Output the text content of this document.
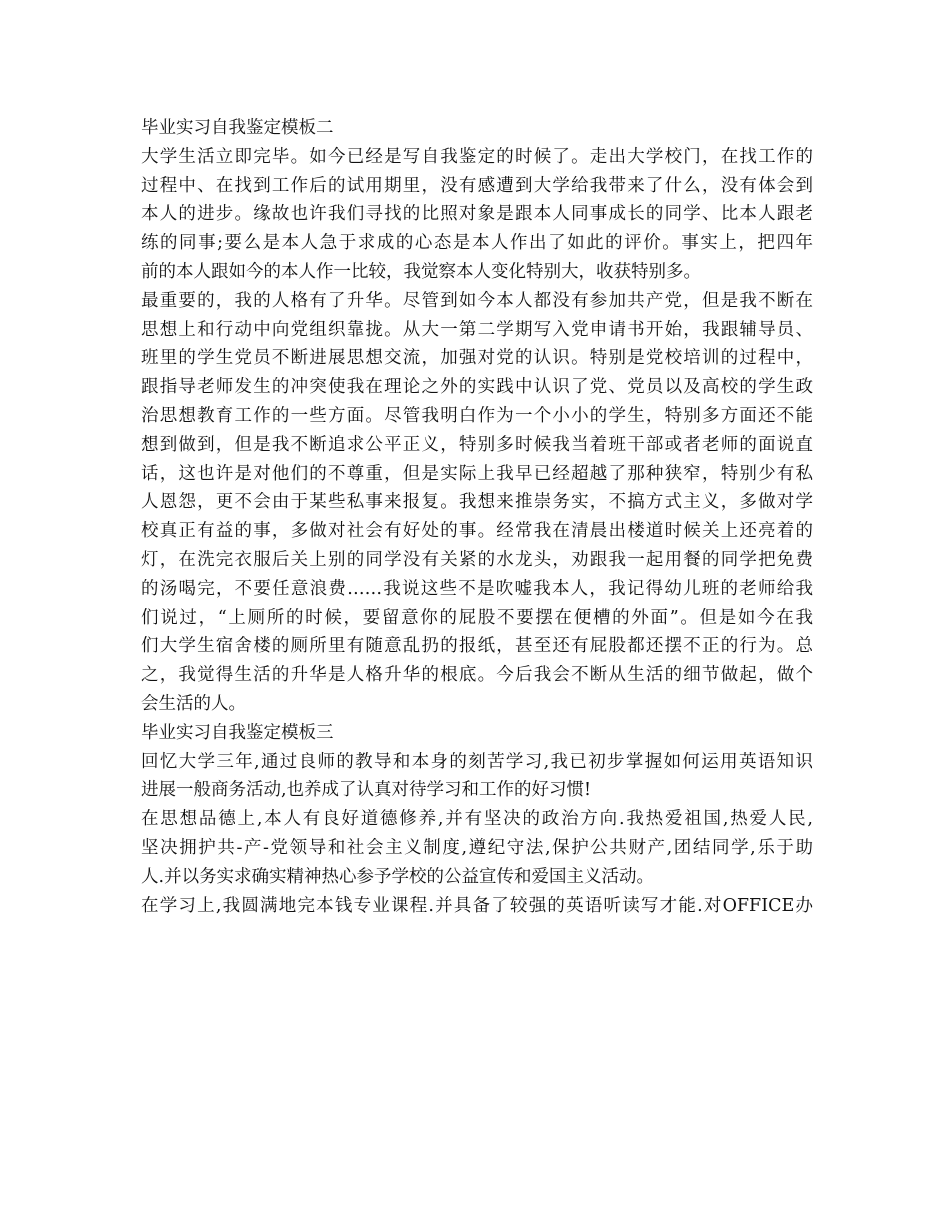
毕业实习自我鉴定模板二
大学生活立即完毕。如今已经是写自我鉴定的时候了。走出大学校门，在找工作的
过程中、在找到工作后的试用期里，没有感遭到大学给我带来了什么，没有体会到
本人的进步。缘故也许我们寻找的比照对象是跟本人同事成长的同学、比本人跟老
练的同事;要么是本人急于求成的心态是本人作出了如此的评价。事实上，把四年
前的本人跟如今的本人作一比较，我觉察本人变化特别大，收获特别多。
最重要的，我的人格有了升华。尽管到如今本人都没有参加共产党，但是我不断在
思想上和行动中向党组织靠拢。从大一第二学期写入党申请书开始，我跟辅导员、
班里的学生党员不断进展思想交流，加强对党的认识。特别是党校培训的过程中，
跟指导老师发生的冲突使我在理论之外的实践中认识了党、党员以及高校的学生政
治思想教育工作的一些方面。尽管我明白作为一个小小的学生，特别多方面还不能
想到做到，但是我不断追求公平正义，特别多时候我当着班干部或者老师的面说直
话，这也许是对他们的不尊重，但是实际上我早已经超越了那种狭窄，特别少有私
人恩怨，更不会由于某些私事来报复。我想来推崇务实，不搞方式主义，多做对学
校真正有益的事，多做对社会有好处的事。经常我在清晨出楼道时候关上还亮着的
灯，在洗完衣服后关上别的同学没有关紧的水龙头，劝跟我一起用餐的同学把免费
的汤喝完，不要任意浪费……我说这些不是吹嘘我本人，我记得幼儿班的老师给我
们说过，“上厕所的时候，要留意你的屁股不要摆在便槽的外面”。但是如今在我
们大学生宿舍楼的厕所里有随意乱扔的报纸，甚至还有屁股都还摆不正的行为。总
之，我觉得生活的升华是人格升华的根底。今后我会不断从生活的细节做起，做个
会生活的人。
毕业实习自我鉴定模板三
回忆大学三年,通过良师的教导和本身的刻苦学习,我已初步掌握如何运用英语知识
进展一般商务活动,也养成了认真对待学习和工作的好习惯!
在思想品德上,本人有良好道德修养,并有坚决的政治方向.我热爱祖国,热爱人民,
坚决拥护共-产-党领导和社会主义制度,遵纪守法,保护公共财产,团结同学,乐于助
人.并以务实求确实精神热心参予学校的公益宣传和爱国主义活动。
在学习上,我圆满地完本钱专业课程.并具备了较强的英语听读写才能.对OFFICE办
